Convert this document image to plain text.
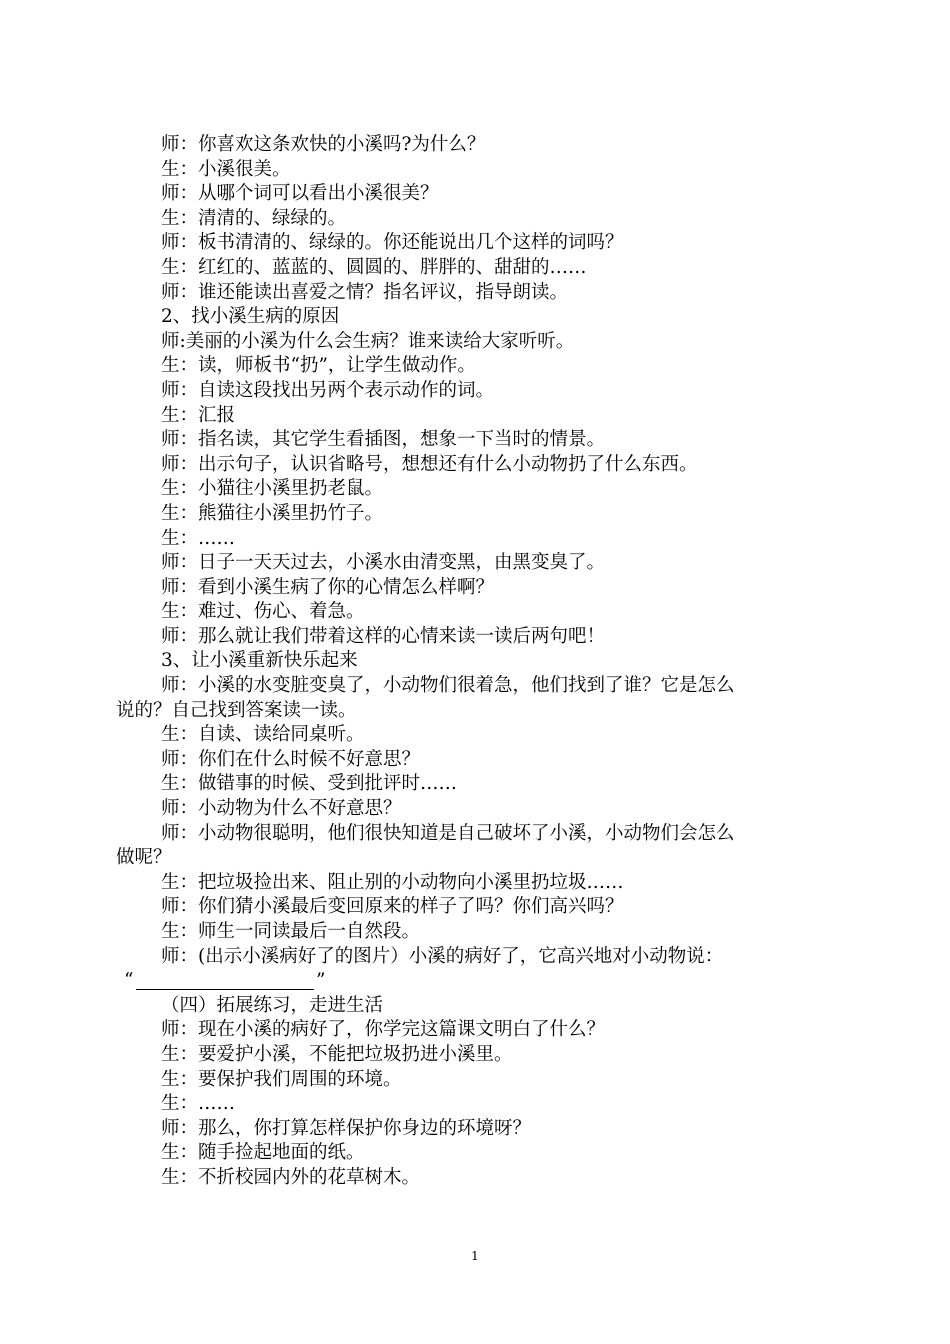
师：你喜欢这条欢快的小溪吗?为什么？
生：小溪很美。
师：从哪个词可以看出小溪很美？
生：清清的、绿绿的。
师：板书清清的、绿绿的。你还能说出几个这样的词吗？
生：红红的、蓝蓝的、圆圆的、胖胖的、甜甜的……
师：谁还能读出喜爱之情？指名评议，指导朗读。
2、找小溪生病的原因
师:美丽的小溪为什么会生病？谁来读给大家听听。
生：读，师板书“扔”，让学生做动作。
师：自读这段找出另两个表示动作的词。
生：汇报
师：指名读，其它学生看插图，想象一下当时的情景。
师：出示句子，认识省略号，想想还有什么小动物扔了什么东西。
生：小猫往小溪里扔老鼠。
生：熊猫往小溪里扔竹子。
生：……
师：日子一天天过去，小溪水由清变黑，由黑变臭了。
师：看到小溪生病了你的心情怎么样啊？
生：难过、伤心、着急。
师：那么就让我们带着这样的心情来读一读后两句吧！
3、让小溪重新快乐起来
师：小溪的水变脏变臭了，小动物们很着急，他们找到了谁？它是怎么
说的？自己找到答案读一读。
生：自读、读给同桌听。
师：你们在什么时候不好意思？
生：做错事的时候、受到批评时……
师：小动物为什么不好意思？
师：小动物很聪明，他们很快知道是自己破坏了小溪，小动物们会怎么
做呢？
生：把垃圾捡出来、阻止别的小动物向小溪里扔垃圾……
师：你们猜小溪最后变回原来的样子了吗？你们高兴吗？
生：师生一同读最后一自然段。
师：(出示小溪病好了的图片）小溪的病好了，它高兴地对小动物说：
“	”
（四）拓展练习，走进生活
师：现在小溪的病好了，你学完这篇课文明白了什么？
生：要爱护小溪，不能把垃圾扔进小溪里。
生：要保护我们周围的环境。
生：……
师：那么，你打算怎样保护你身边的环境呀？
生：随手捡起地面的纸。
生：不折校园内外的花草树木。
1
